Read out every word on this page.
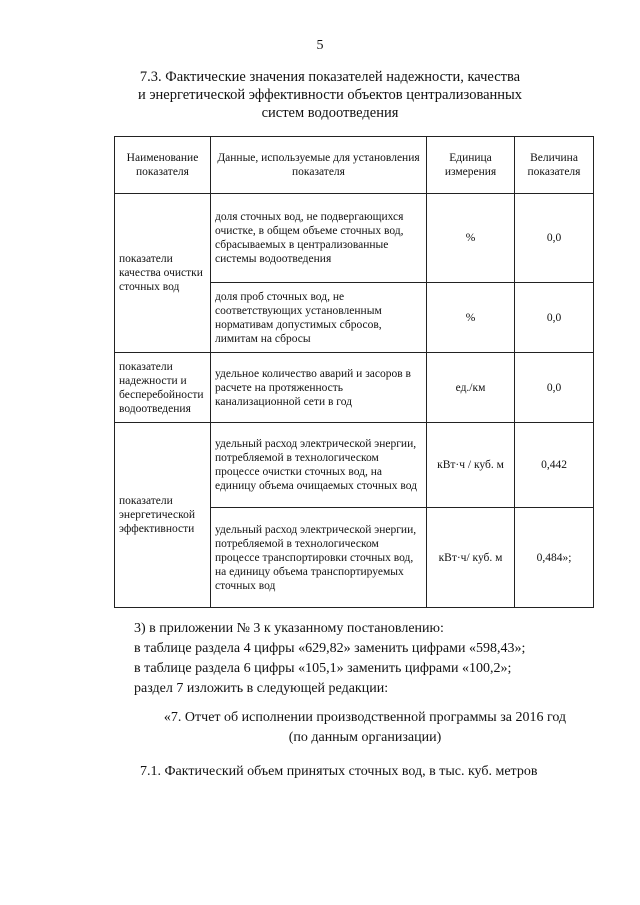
5
7.3. Фактические значения показателей надежности, качества
и энергетической эффективности объектов централизованных
систем водоотведения
Наименование показателя	Данные, используемые для установления показателя	Единица измерения	Величина показателя
показатели качества очистки сточных вод	доля сточных вод, не подвергающихся очистке, в общем объеме сточных вод, сбрасываемых в централизованные системы водоотведения	%	0,0
	доля проб сточных вод, не соответствующих установленным нормативам допустимых сбросов, лимитам на сбросы	%	0,0
показатели надежности и бесперебойности водоотведения	удельное количество аварий и засоров в расчете на протяженность канализационной сети в год	ед./км	0,0
показатели энергетической эффективности	удельный расход электрической энергии, потребляемой в технологическом процессе очистки сточных вод, на единицу объема очищаемых сточных вод	кВт·ч / куб. м	0,442
	удельный расход электрической энергии, потребляемой в технологическом процессе транспортировки сточных вод, на единицу объема транспортируемых сточных вод	кВт·ч/ куб. м	0,484»;
3) в приложении № 3 к указанному постановлению:
в таблице раздела 4 цифры «629,82» заменить цифрами «598,43»;
в таблице раздела 6 цифры «105,1» заменить цифрами «100,2»;
раздел 7 изложить в следующей редакции:
«7. Отчет об исполнении производственной программы за 2016 год
(по данным организации)
7.1. Фактический объем принятых сточных вод, в тыс. куб. метров
